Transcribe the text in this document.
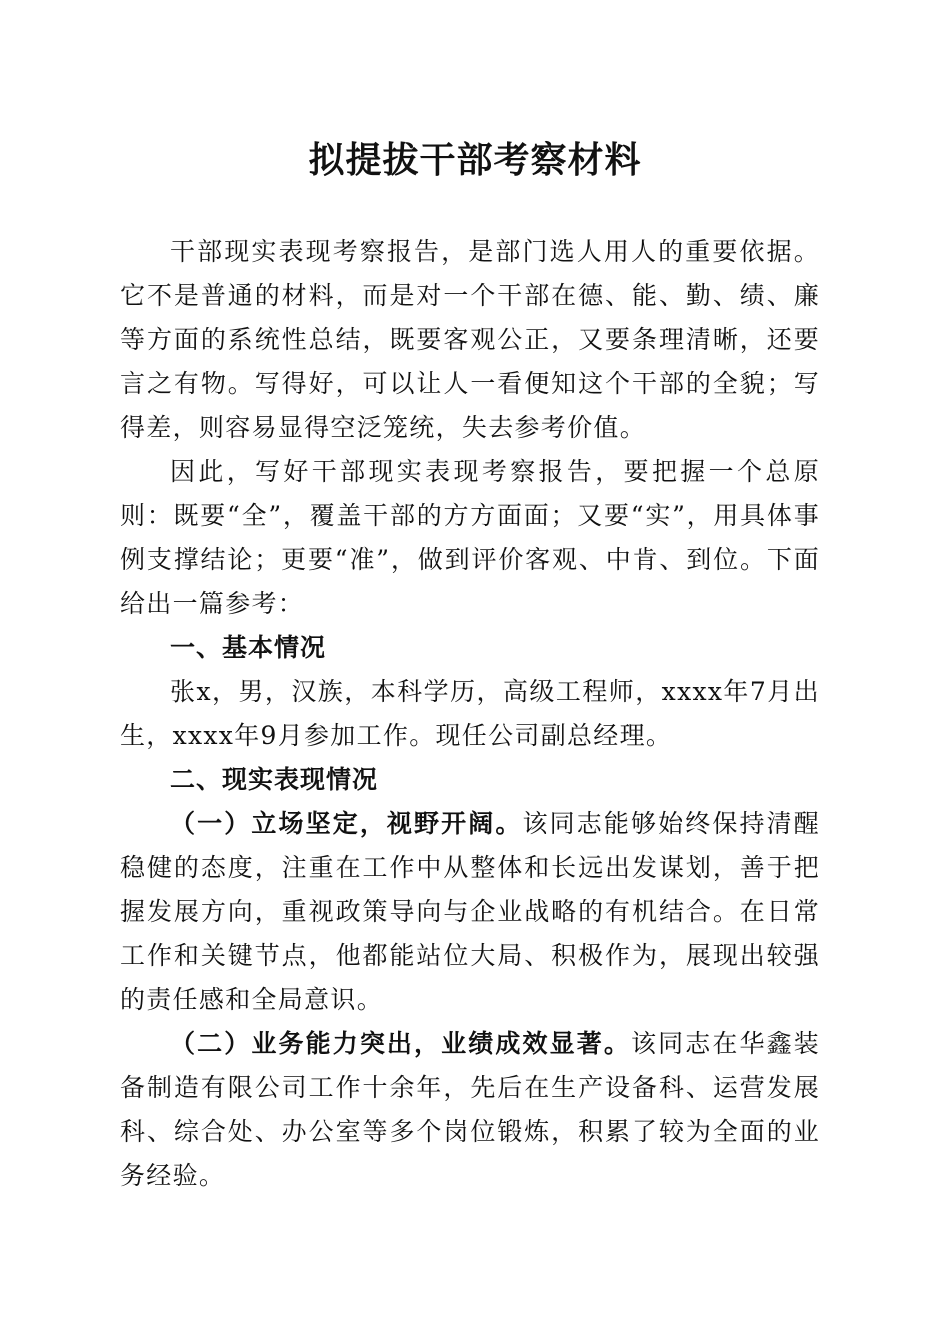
拟提拔干部考察材料

干部现实表现考察报告，是部门选人用人的重要依据。它不是普通的材料，而是对一个干部在德、能、勤、绩、廉等方面的系统性总结，既要客观公正，又要条理清晰，还要言之有物。写得好，可以让人一看便知这个干部的全貌；写得差，则容易显得空泛笼统，失去参考价值。

因此，写好干部现实表现考察报告，要把握一个总原则：既要“全”，覆盖干部的方方面面；又要“实”，用具体事例支撑结论；更要“准”，做到评价客观、中肯、到位。下面给出一篇参考：

一、基本情况

张x，男，汉族，本科学历，高级工程师，xxxx年7月出生，xxxx年9月参加工作。现任公司副总经理。

二、现实表现情况

（一）立场坚定，视野开阔。该同志能够始终保持清醒稳健的态度，注重在工作中从整体和长远出发谋划，善于把握发展方向，重视政策导向与企业战略的有机结合。在日常工作和关键节点，他都能站位大局、积极作为，展现出较强的责任感和全局意识。

（二）业务能力突出，业绩成效显著。该同志在华鑫装备制造有限公司工作十余年，先后在生产设备科、运营发展科、综合处、办公室等多个岗位锻炼，积累了较为全面的业务经验。
